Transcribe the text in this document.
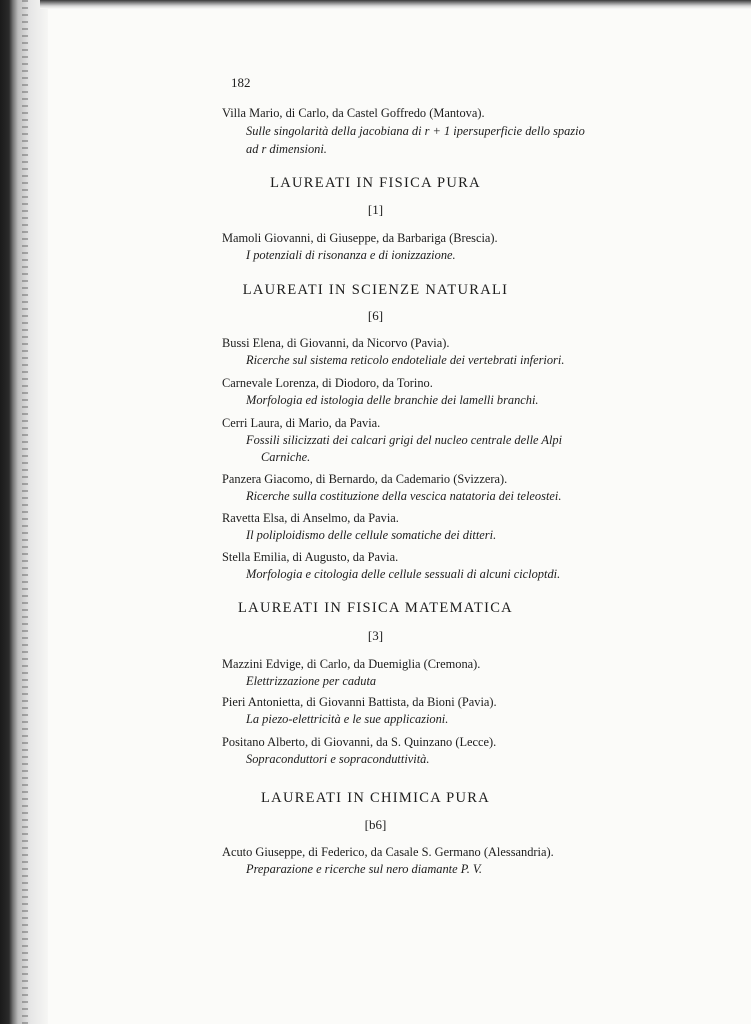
182
Villa Mario, di Carlo, da Castel Goffredo (Mantova).
Sulle singolarità della jacobiana di r + 1 ipersuperficie dello spazio
ad r dimensioni.
LAUREATI IN FISICA PURA
[1]
Mamoli Giovanni, di Giuseppe, da Barbariga (Brescia).
I potenziali di risonanza e di ionizzazione.
LAUREATI IN SCIENZE NATURALI
[6]
Bussi Elena, di Giovanni, da Nicorvo (Pavia).
Ricerche sul sistema reticolo endoteliale dei vertebrati inferiori.
Carnevale Lorenza, di Diodoro, da Torino.
Morfologia ed istologia delle branchie dei lamelli branchi.
Cerri Laura, di Mario, da Pavia.
Fossili silicizzati dei calcari grigi del nucleo centrale delle Alpi
Carniche.
Panzera Giacomo, di Bernardo, da Cademario (Svizzera).
Ricerche sulla costituzione della vescica natatoria dei teleostei.
Ravetta Elsa, di Anselmo, da Pavia.
Il poliploidismo delle cellule somatiche dei ditteri.
Stella Emilia, di Augusto, da Pavia.
Morfologia e citologia delle cellule sessuali di alcuni cicloptdi.
LAUREATI IN FISICA MATEMATICA
[3]
Mazzini Edvige, di Carlo, da Duemiglia (Cremona).
Elettrizzazione per caduta
Pieri Antonietta, di Giovanni Battista, da Bioni (Pavia).
La piezo-elettricità e le sue applicazioni.
Positano Alberto, di Giovanni, da S. Quinzano (Lecce).
Sopraconduttori e sopraconduttività.
LAUREATI IN CHIMICA PURA
[b6]
Acuto Giuseppe, di Federico, da Casale S. Germano (Alessandria).
Preparazione e ricerche sul nero diamante P. V.
